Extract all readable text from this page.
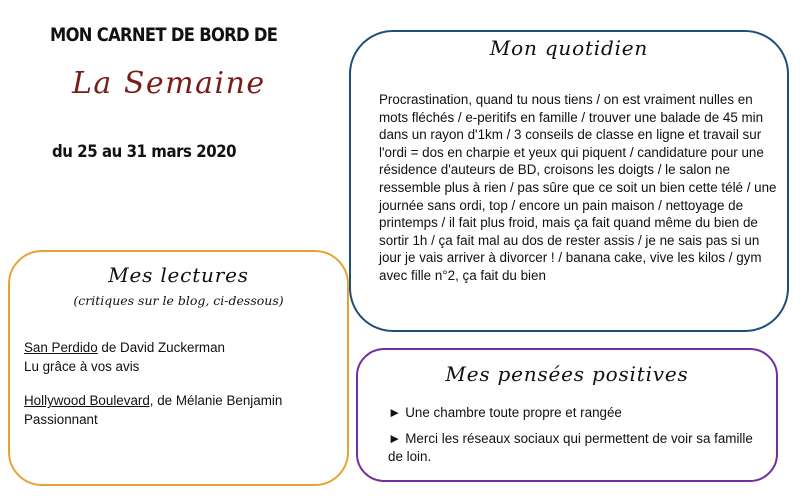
MON CARNET DE BORD DE
La Semaine
du 25 au 31 mars 2020
Mon quotidien
Procrastination, quand tu nous tiens / on est vraiment nulles en mots fléchés / e-peritifs en famille / trouver une balade de 45 min dans un rayon d'1km / 3 conseils de classe en ligne et travail sur l'ordi = dos en charpie et yeux qui piquent / candidature pour une résidence d'auteurs de BD, croisons les doigts / le salon ne ressemble plus à rien / pas sûre que ce soit un bien cette télé / une journée sans ordi, top / encore un pain maison / nettoyage de printemps / il fait plus froid, mais ça fait quand même du bien de sortir 1h / ça fait mal au dos de rester assis / je ne sais pas si un jour je vais arriver à divorcer ! / banana cake, vive les kilos / gym avec fille n°2, ça fait du bien
Mes lectures
(critiques sur le blog, ci-dessous)
San Perdido de David Zuckerman
Lu grâce à vos avis
Hollywood Boulevard, de Mélanie Benjamin
Passionnant
Mes pensées positives
► Une chambre toute propre et rangée
► Merci les réseaux sociaux qui permettent de voir sa famille de loin.
